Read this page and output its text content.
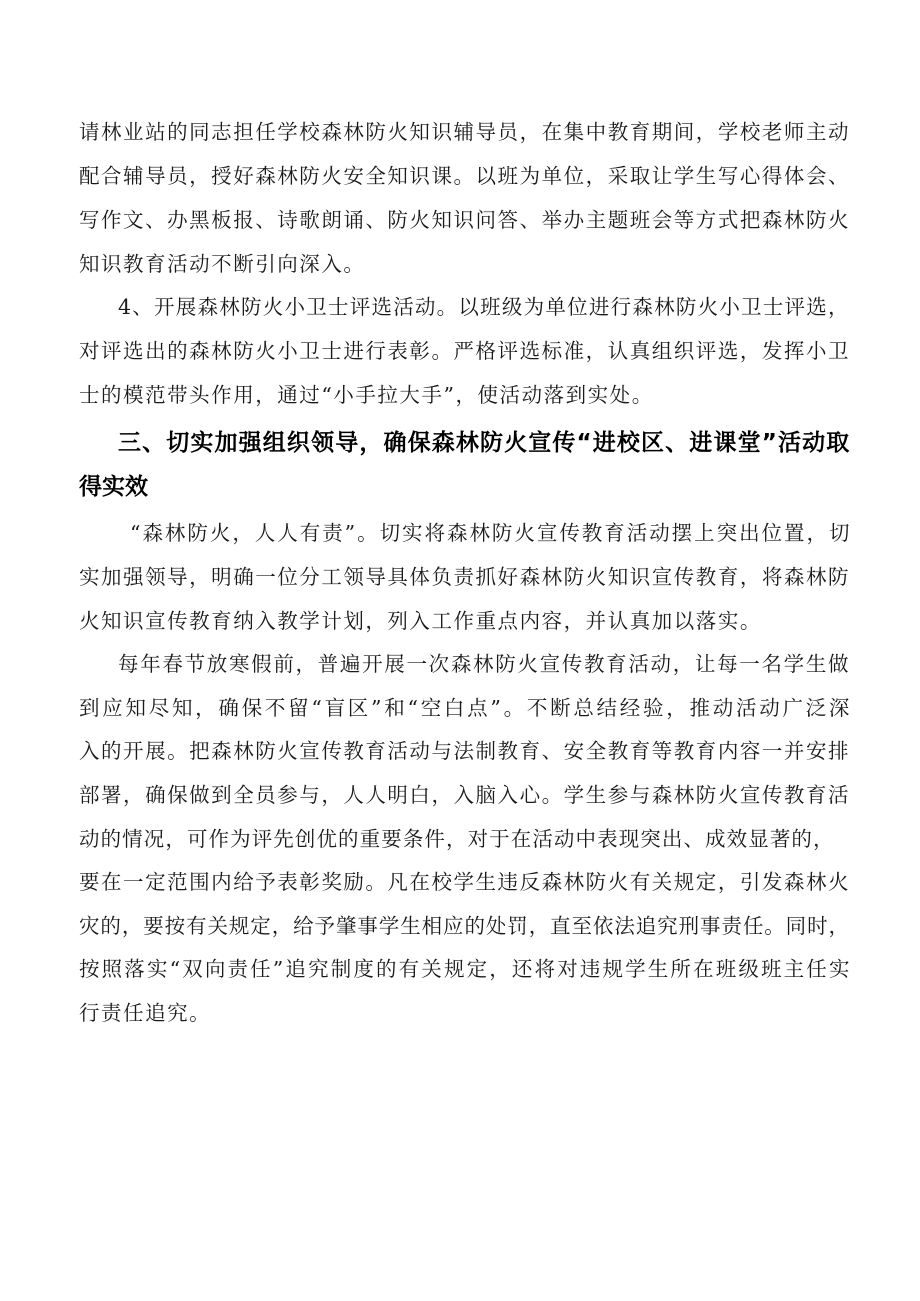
请林业站的同志担任学校森林防火知识辅导员，在集中教育期间，学校老师主动
配合辅导员，授好森林防火安全知识课。以班为单位，采取让学生写心得体会、
写作文、办黑板报、诗歌朗诵、防火知识问答、举办主题班会等方式把森林防火
知识教育活动不断引向深入。
4、开展森林防火小卫士评选活动。以班级为单位进行森林防火小卫士评选，
对评选出的森林防火小卫士进行表彰。严格评选标准，认真组织评选，发挥小卫
士的模范带头作用，通过“小手拉大手”，使活动落到实处。
三、切实加强组织领导，确保森林防火宣传“进校区、进课堂”活动取
得实效
“森林防火，人人有责”。切实将森林防火宣传教育活动摆上突出位置，切
实加强领导，明确一位分工领导具体负责抓好森林防火知识宣传教育，将森林防
火知识宣传教育纳入教学计划，列入工作重点内容，并认真加以落实。
每年春节放寒假前，普遍开展一次森林防火宣传教育活动，让每一名学生做
到应知尽知，确保不留“盲区”和“空白点”。不断总结经验，推动活动广泛深
入的开展。把森林防火宣传教育活动与法制教育、安全教育等教育内容一并安排
部署，确保做到全员参与，人人明白，入脑入心。学生参与森林防火宣传教育活
动的情况，可作为评先创优的重要条件，对于在活动中表现突出、成效显著的，
要在一定范围内给予表彰奖励。凡在校学生违反森林防火有关规定，引发森林火
灾的，要按有关规定，给予肇事学生相应的处罚，直至依法追究刑事责任。同时，
按照落实“双向责任”追究制度的有关规定，还将对违规学生所在班级班主任实
行责任追究。
